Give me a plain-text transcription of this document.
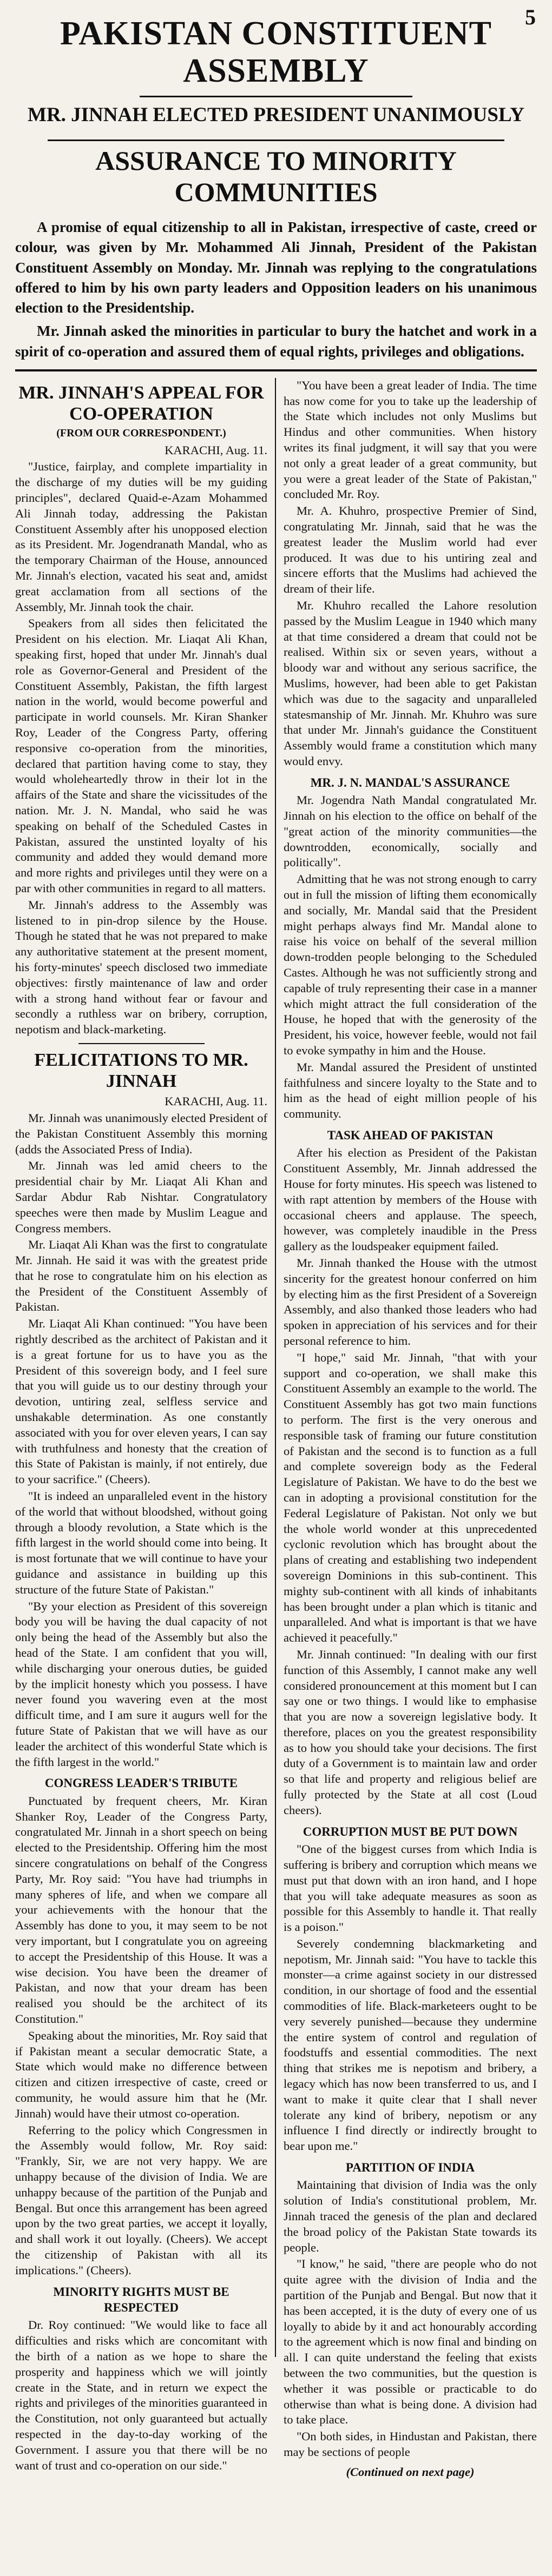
5
PAKISTAN CONSTITUENT ASSEMBLY
MR. JINNAH ELECTED PRESIDENT UNANIMOUSLY
ASSURANCE TO MINORITY COMMUNITIES

A promise of equal citizenship to all in Pakistan, irrespective of caste, creed or colour, was given by Mr. Mohammed Ali Jinnah, President of the Pakistan Constituent Assembly on Monday. Mr. Jinnah was replying to the congratulations offered to him by his own party leaders and Opposition leaders on his unanimous election to the Presidentship.

Mr. Jinnah asked the minorities in particular to bury the hatchet and work in a spirit of co-operation and assured them of equal rights, privileges and obligations.

MR. JINNAH'S APPEAL FOR CO-OPERATION
(FROM OUR CORRESPONDENT.)

KARACHI, Aug. 11.

"Justice, fairplay, and complete impartiality in the discharge of my duties will be my guiding principles", declared Quaid-e-Azam Mohammed Ali Jinnah today, addressing the Pakistan Constituent Assembly after his unopposed election as its President. Mr. Jogendranath Mandal, who as the temporary Chairman of the House, announced Mr. Jinnah's election, vacated his seat and, amidst great acclamation from all sections of the Assembly, Mr. Jinnah took the chair.

Speakers from all sides then felicitated the President on his election. Mr. Liaqat Ali Khan, speaking first, hoped that under Mr. Jinnah's dual role as Governor-General and President of the Constituent Assembly, Pakistan, the fifth largest nation in the world, would become powerful and participate in world counsels. Mr. Kiran Shanker Roy, Leader of the Congress Party, offering responsive co-operation from the minorities, declared that partition having come to stay, they would wholeheartedly throw in their lot in the affairs of the State and share the vicissitudes of the nation. Mr. J. N. Mandal, who said he was speaking on behalf of the Scheduled Castes in Pakistan, assured the unstinted loyalty of his community and added they would demand more and more rights and privileges until they were on a par with other communities in regard to all matters.

Mr. Jinnah's address to the Assembly was listened to in pin-drop silence by the House. Though he stated that he was not prepared to make any authoritative statement at the present moment, his forty-minutes' speech disclosed two immediate objectives: firstly maintenance of law and order with a strong hand without fear or favour and secondly a ruthless war on bribery, corruption, nepotism and black-marketing.

FELICITATIONS TO MR. JINNAH

KARACHI, Aug. 11.

Mr. Jinnah was unanimously elected President of the Pakistan Constituent Assembly this morning (adds the Associated Press of India).

Mr. Jinnah was led amid cheers to the presidential chair by Mr. Liaqat Ali Khan and Sardar Abdur Rab Nishtar. Congratulatory speeches were then made by Muslim League and Congress members.

Mr. Liaqat Ali Khan was the first to congratulate Mr. Jinnah. He said it was with the greatest pride that he rose to congratulate him on his election as the President of the Constituent Assembly of Pakistan.

Mr. Liaqat Ali Khan continued: "You have been rightly described as the architect of Pakistan and it is a great fortune for us to have you as the President of this sovereign body, and I feel sure that you will guide us to our destiny through your devotion, untiring zeal, selfless service and unshakable determination. As one constantly associated with you for over eleven years, I can say with truthfulness and honesty that the creation of this State of Pakistan is mainly, if not entirely, due to your sacrifice." (Cheers).

"It is indeed an unparalleled event in the history of the world that without bloodshed, without going through a bloody revolution, a State which is the fifth largest in the world should come into being. It is most fortunate that we will continue to have your guidance and assistance in building up this structure of the future State of Pakistan."

"By your election as President of this sovereign body you will be having the dual capacity of not only being the head of the Assembly but also the head of the State. I am confident that you will, while discharging your onerous duties, be guided by the implicit honesty which you possess. I have never found you wavering even at the most difficult time, and I am sure it augurs well for the future State of Pakistan that we will have as our leader the architect of this wonderful State which is the fifth largest in the world."

CONGRESS LEADER'S TRIBUTE

Punctuated by frequent cheers, Mr. Kiran Shanker Roy, Leader of the Congress Party, congratulated Mr. Jinnah in a short speech on being elected to the Presidentship. Offering him the most sincere congratulations on behalf of the Congress Party, Mr. Roy said: "You have had triumphs in many spheres of life, and when we compare all your achievements with the honour that the Assembly has done to you, it may seem to be not very important, but I congratulate you on agreeing to accept the Presidentship of this House. It was a wise decision. You have been the dreamer of Pakistan, and now that your dream has been realised you should be the architect of its Constitution."

Speaking about the minorities, Mr. Roy said that if Pakistan meant a secular democratic State, a State which would make no difference between citizen and citizen irrespective of caste, creed or community, he would assure him that he (Mr. Jinnah) would have their utmost co-operation.

Referring to the policy which Congressmen in the Assembly would follow, Mr. Roy said: "Frankly, Sir, we are not very happy. We are unhappy because of the division of India. We are unhappy because of the partition of the Punjab and Bengal. But once this arrangement has been agreed upon by the two great parties, we accept it loyally, and shall work it out loyally. (Cheers). We accept the citizenship of Pakistan with all its implications." (Cheers).

MINORITY RIGHTS MUST BE RESPECTED

Dr. Roy continued: "We would like to face all difficulties and risks which are concomitant with the birth of a nation as we hope to share the prosperity and happiness which we will jointly create in the State, and in return we expect the rights and privileges of the minorities guaranteed in the Constitution, not only guaranteed but actually respected in the day-to-day working of the Government. I assure you that there will be no want of trust and co-operation on our side."

"You have been a great leader of India. The time has now come for you to take up the leadership of the State which includes not only Muslims but Hindus and other communities. When history writes its final judgment, it will say that you were not only a great leader of a great community, but you were a great leader of the State of Pakistan," concluded Mr. Roy.

Mr. A. Khuhro, prospective Premier of Sind, congratulating Mr. Jinnah, said that he was the greatest leader the Muslim world had ever produced. It was due to his untiring zeal and sincere efforts that the Muslims had achieved the dream of their life.

Mr. Khuhro recalled the Lahore resolution passed by the Muslim League in 1940 which many at that time considered a dream that could not be realised. Within six or seven years, without a bloody war and without any serious sacrifice, the Muslims, however, had been able to get Pakistan which was due to the sagacity and unparalleled statesmanship of Mr. Jinnah. Mr. Khuhro was sure that under Mr. Jinnah's guidance the Constituent Assembly would frame a constitution which many would envy.

MR. J. N. MANDAL'S ASSURANCE

Mr. Jogendra Nath Mandal congratulated Mr. Jinnah on his election to the office on behalf of the "great action of the minority communities—the downtrodden, economically, socially and politically".

Admitting that he was not strong enough to carry out in full the mission of lifting them economically and socially, Mr. Mandal said that the President might perhaps always find Mr. Mandal alone to raise his voice on behalf of the several million down-trodden people belonging to the Scheduled Castes. Although he was not sufficiently strong and capable of truly representing their case in a manner which might attract the full consideration of the House, he hoped that with the generosity of the President, his voice, however feeble, would not fail to evoke sympathy in him and the House.

Mr. Mandal assured the President of unstinted faithfulness and sincere loyalty to the State and to him as the head of eight million people of his community.

TASK AHEAD OF PAKISTAN

After his election as President of the Pakistan Constituent Assembly, Mr. Jinnah addressed the House for forty minutes. His speech was listened to with rapt attention by members of the House with occasional cheers and applause. The speech, however, was completely inaudible in the Press gallery as the loudspeaker equipment failed.

Mr. Jinnah thanked the House with the utmost sincerity for the greatest honour conferred on him by electing him as the first President of a Sovereign Assembly, and also thanked those leaders who had spoken in appreciation of his services and for their personal reference to him.

"I hope," said Mr. Jinnah, "that with your support and co-operation, we shall make this Constituent Assembly an example to the world. The Constituent Assembly has got two main functions to perform. The first is the very onerous and responsible task of framing our future constitution of Pakistan and the second is to function as a full and complete sovereign body as the Federal Legislature of Pakistan. We have to do the best we can in adopting a provisional constitution for the Federal Legislature of Pakistan. Not only we but the whole world wonder at this unprecedented cyclonic revolution which has brought about the plans of creating and establishing two independent sovereign Dominions in this sub-continent. This mighty sub-continent with all kinds of inhabitants has been brought under a plan which is titanic and unparalleled. And what is important is that we have achieved it peacefully."

Mr. Jinnah continued: "In dealing with our first function of this Assembly, I cannot make any well considered pronouncement at this moment but I can say one or two things. I would like to emphasise that you are now a sovereign legislative body. It therefore, places on you the greatest responsibility as to how you should take your decisions. The first duty of a Government is to maintain law and order so that life and property and religious belief are fully protected by the State at all cost (Loud cheers).

CORRUPTION MUST BE PUT DOWN

"One of the biggest curses from which India is suffering is bribery and corruption which means we must put that down with an iron hand, and I hope that you will take adequate measures as soon as possible for this Assembly to handle it. That really is a poison."

Severely condemning blackmarketing and nepotism, Mr. Jinnah said: "You have to tackle this monster—a crime against society in our distressed condition, in our shortage of food and the essential commodities of life. Black-marketeers ought to be very severely punished—because they undermine the entire system of control and regulation of foodstuffs and essential commodities. The next thing that strikes me is nepotism and bribery, a legacy which has now been transferred to us, and I want to make it quite clear that I shall never tolerate any kind of bribery, nepotism or any influence I find directly or indirectly brought to bear upon me."

PARTITION OF INDIA

Maintaining that division of India was the only solution of India's constitutional problem, Mr. Jinnah traced the genesis of the plan and declared the broad policy of the Pakistan State towards its people.

"I know," he said, "there are people who do not quite agree with the division of India and the partition of the Punjab and Bengal. But now that it has been accepted, it is the duty of every one of us loyally to abide by it and act honourably according to the agreement which is now final and binding on all. I can quite understand the feeling that exists between the two communities, but the question is whether it was possible or practicable to do otherwise than what is being done. A division had to take place.

"On both sides, in Hindustan and Pakistan, there may be sections of people

(Continued on next page)
